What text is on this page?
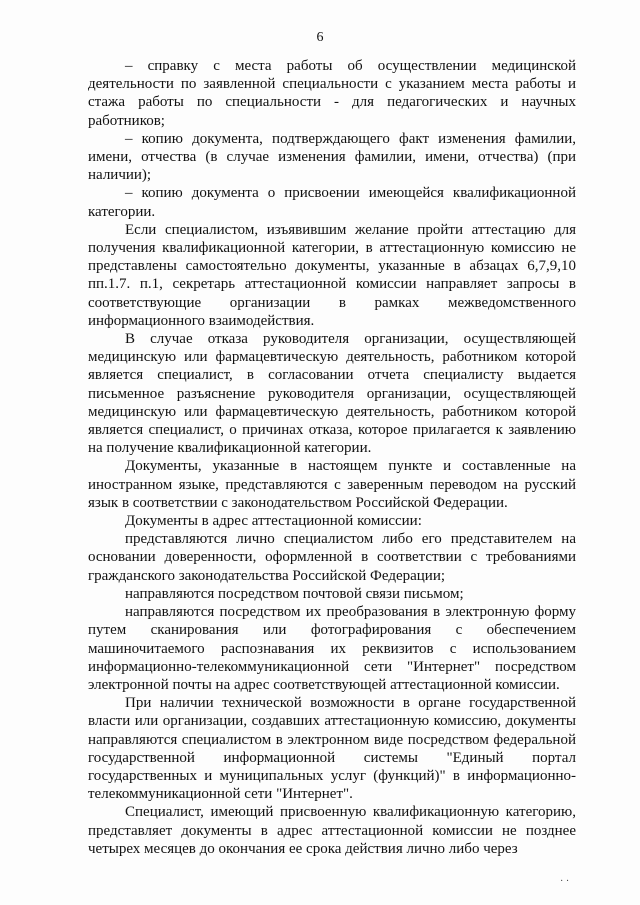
6

– справку с места работы об осуществлении медицинской деятельности по заявленной специальности с указанием места работы и стажа работы по специальности - для педагогических и научных работников;

– копию документа, подтверждающего факт изменения фамилии, имени, отчества (в случае изменения фамилии, имени, отчества) (при наличии);

– копию документа о присвоении имеющейся квалификационной категории.

Если специалистом, изъявившим желание пройти аттестацию для получения квалификационной категории, в аттестационную комиссию не представлены самостоятельно документы, указанные в абзацах 6,7,9,10 пп.1.7. п.1, секретарь аттестационной комиссии направляет запросы в соответствующие организации в рамках межведомственного информационного взаимодействия.

В случае отказа руководителя организации, осуществляющей медицинскую или фармацевтическую деятельность, работником которой является специалист, в согласовании отчета специалисту выдается письменное разъяснение руководителя организации, осуществляющей медицинскую или фармацевтическую деятельность, работником которой является специалист, о причинах отказа, которое прилагается к заявлению на получение квалификационной категории.

Документы, указанные в настоящем пункте и составленные на иностранном языке, представляются с заверенным переводом на русский язык в соответствии с законодательством Российской Федерации.

Документы в адрес аттестационной комиссии:

представляются лично специалистом либо его представителем на основании доверенности, оформленной в соответствии с требованиями гражданского законодательства Российской Федерации;

направляются посредством почтовой связи письмом;

направляются посредством их преобразования в электронную форму путем сканирования или фотографирования с обеспечением машиночитаемого распознавания их реквизитов с использованием информационно-телекоммуникационной сети "Интернет" посредством электронной почты на адрес соответствующей аттестационной комиссии.

При наличии технической возможности в органе государственной власти или организации, создавших аттестационную комиссию, документы направляются специалистом в электронном виде посредством федеральной государственной информационной системы "Единый портал государственных и муниципальных услуг (функций)" в информационно-телекоммуникационной сети "Интернет".

Специалист, имеющий присвоенную квалификационную категорию, представляет документы в адрес аттестационной комиссии не позднее четырех месяцев до окончания ее срока действия лично либо через

· ·
